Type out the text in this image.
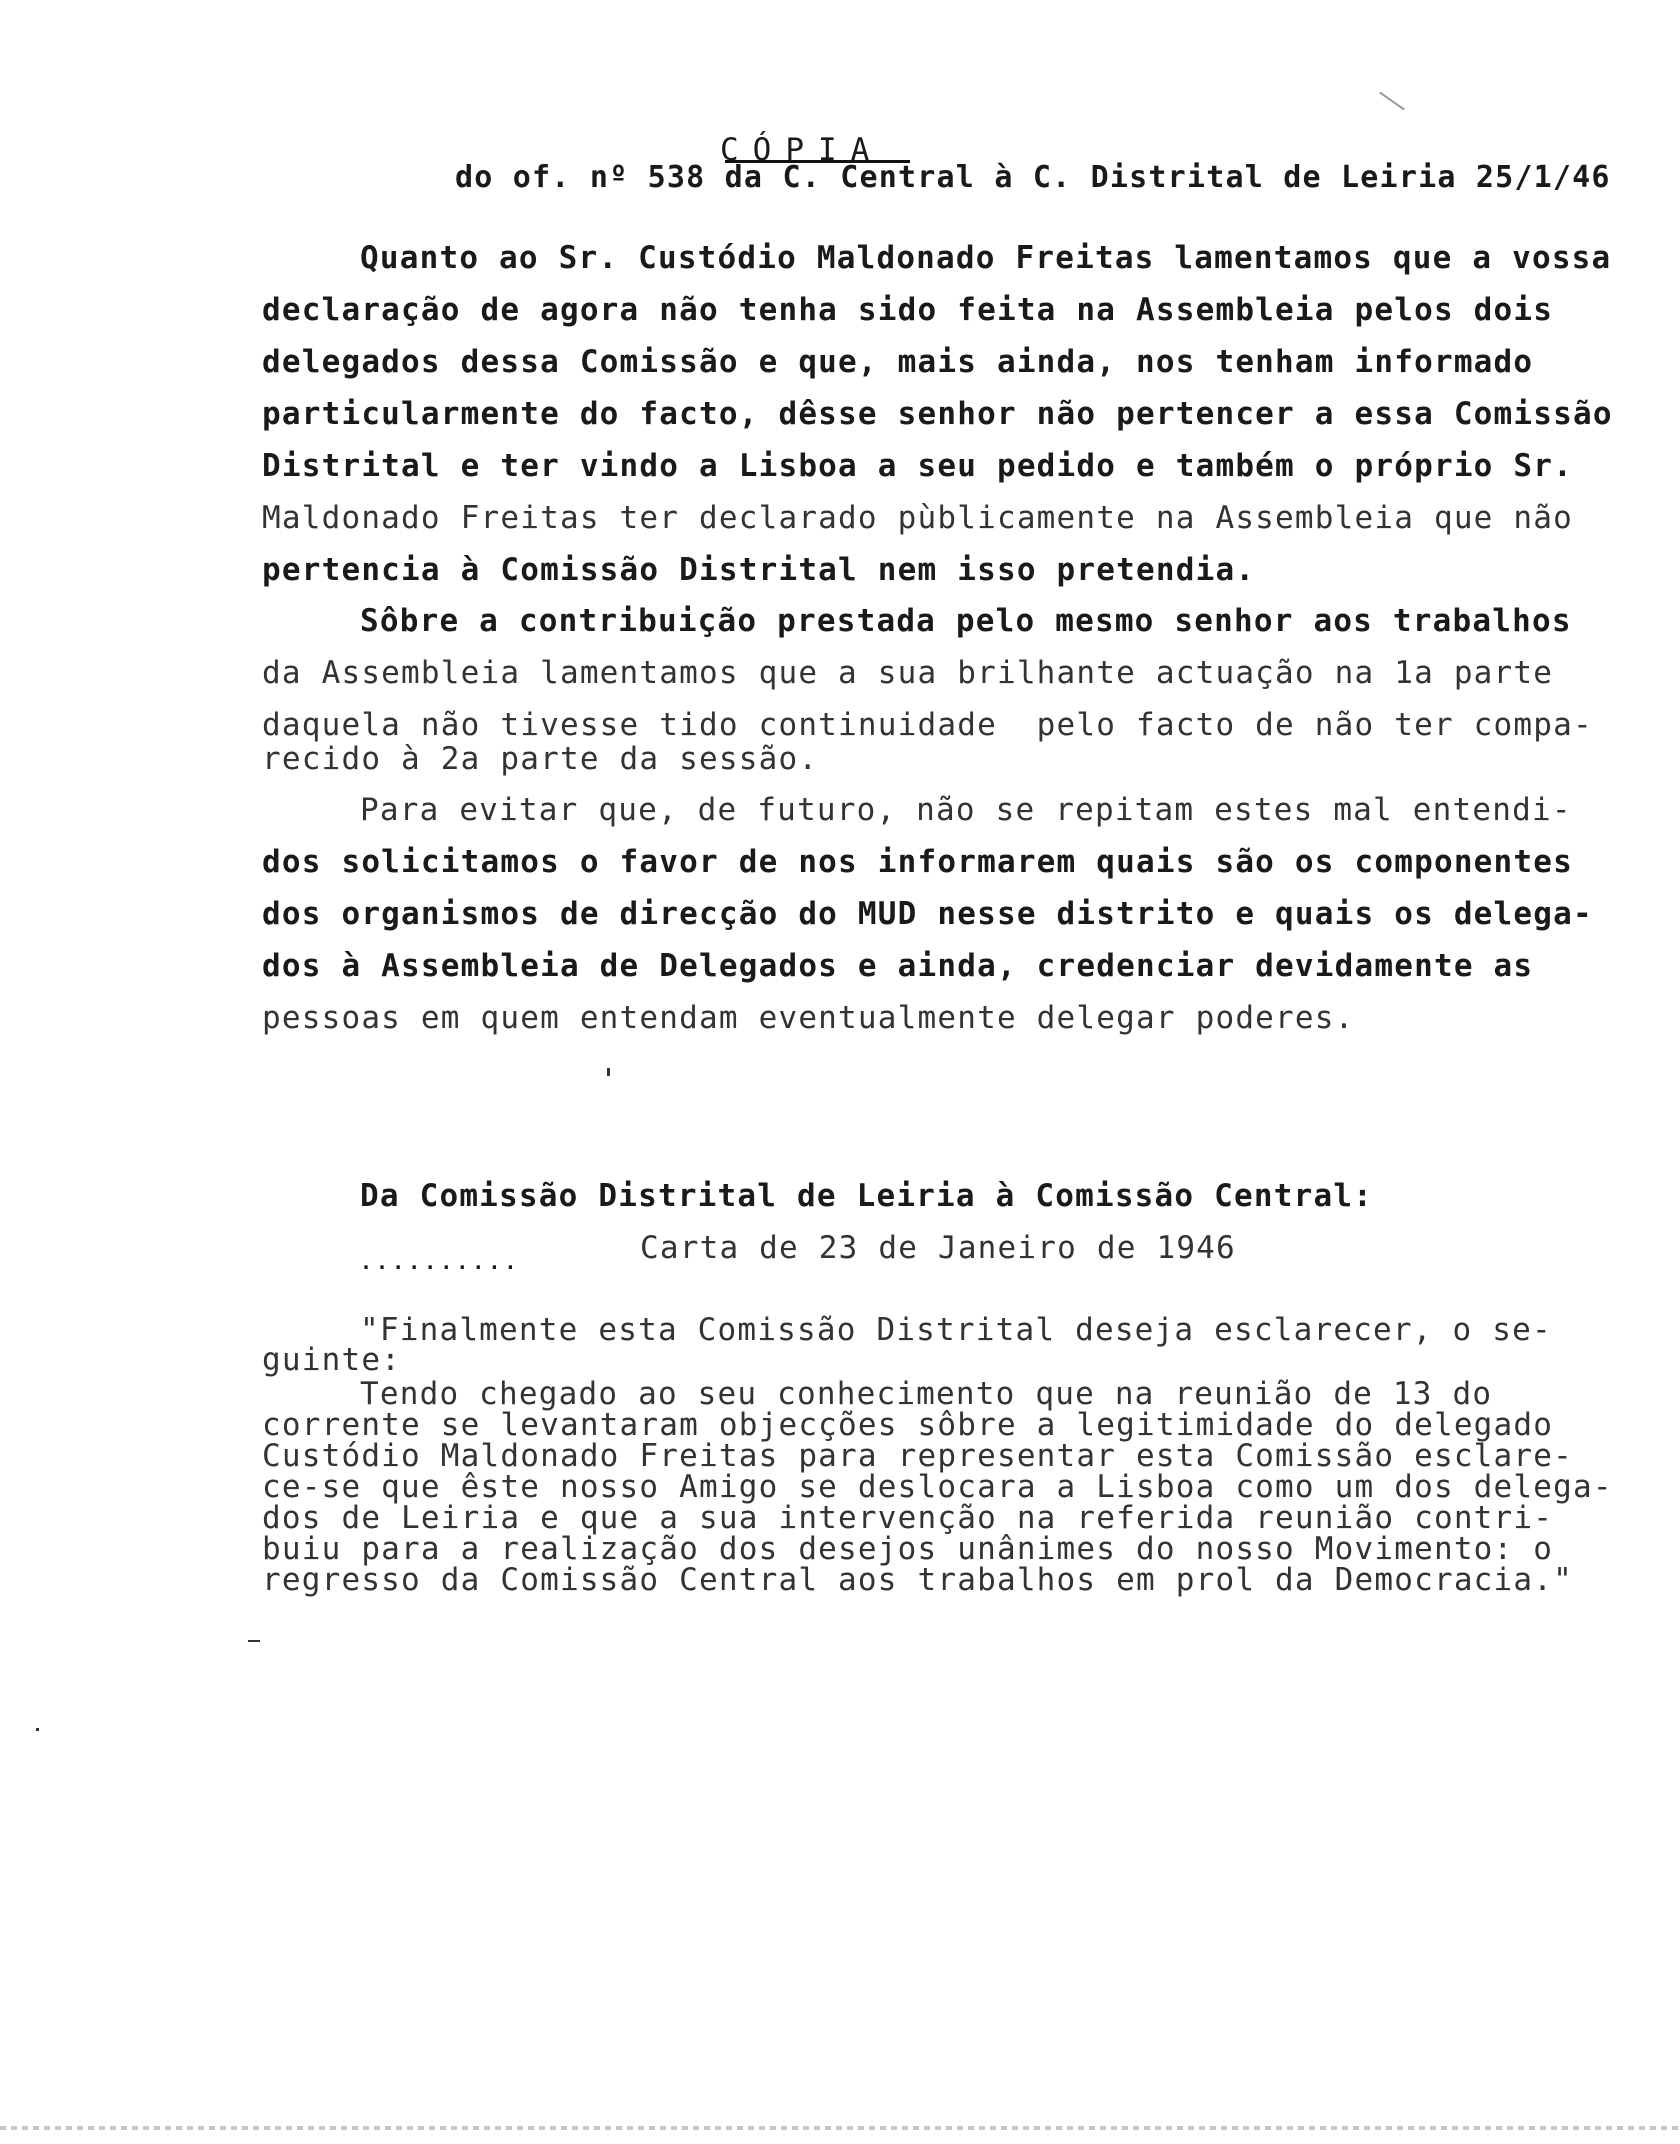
CÓPIA
do of. nº 538 da C. Central à C. Distrital de Leiria 25/1/46
Quanto ao Sr. Custódio Maldonado Freitas lamentamos que a vossa
declaração de agora não tenha sido feita na Assembleia pelos dois
delegados dessa Comissão e que, mais ainda, nos tenham informado
particularmente do facto, dêsse senhor não pertencer a essa Comissão
Distrital e ter vindo a Lisboa a seu pedido e também o próprio Sr.
Maldonado Freitas ter declarado pùblicamente na Assembleia que não
pertencia à Comissão Distrital nem isso pretendia.
Sôbre a contribuição prestada pelo mesmo senhor aos trabalhos
da Assembleia lamentamos que a sua brilhante actuação na 1a parte
daquela não tivesse tido continuidade  pelo facto de não ter compa-
recido à 2a parte da sessão.
Para evitar que, de futuro, não se repitam estes mal entendi-
dos solicitamos o favor de nos informarem quais são os componentes
dos organismos de direcção do MUD nesse distrito e quais os delega-
dos à Assembleia de Delegados e ainda, credenciar devidamente as
pessoas em quem entendam eventualmente delegar poderes.
Da Comissão Distrital de Leiria à Comissão Central:
Carta de 23 de Janeiro de 1946
..........
"Finalmente esta Comissão Distrital deseja esclarecer, o se-
guinte:
Tendo chegado ao seu conhecimento que na reunião de 13 do
corrente se levantaram objecções sôbre a legitimidade do delegado
Custódio Maldonado Freitas para representar esta Comissão esclare-
ce-se que êste nosso Amigo se deslocara a Lisboa como um dos delega-
dos de Leiria e que a sua intervenção na referida reunião contri-
buiu para a realização dos desejos unânimes do nosso Movimento: o
regresso da Comissão Central aos trabalhos em prol da Democracia."
